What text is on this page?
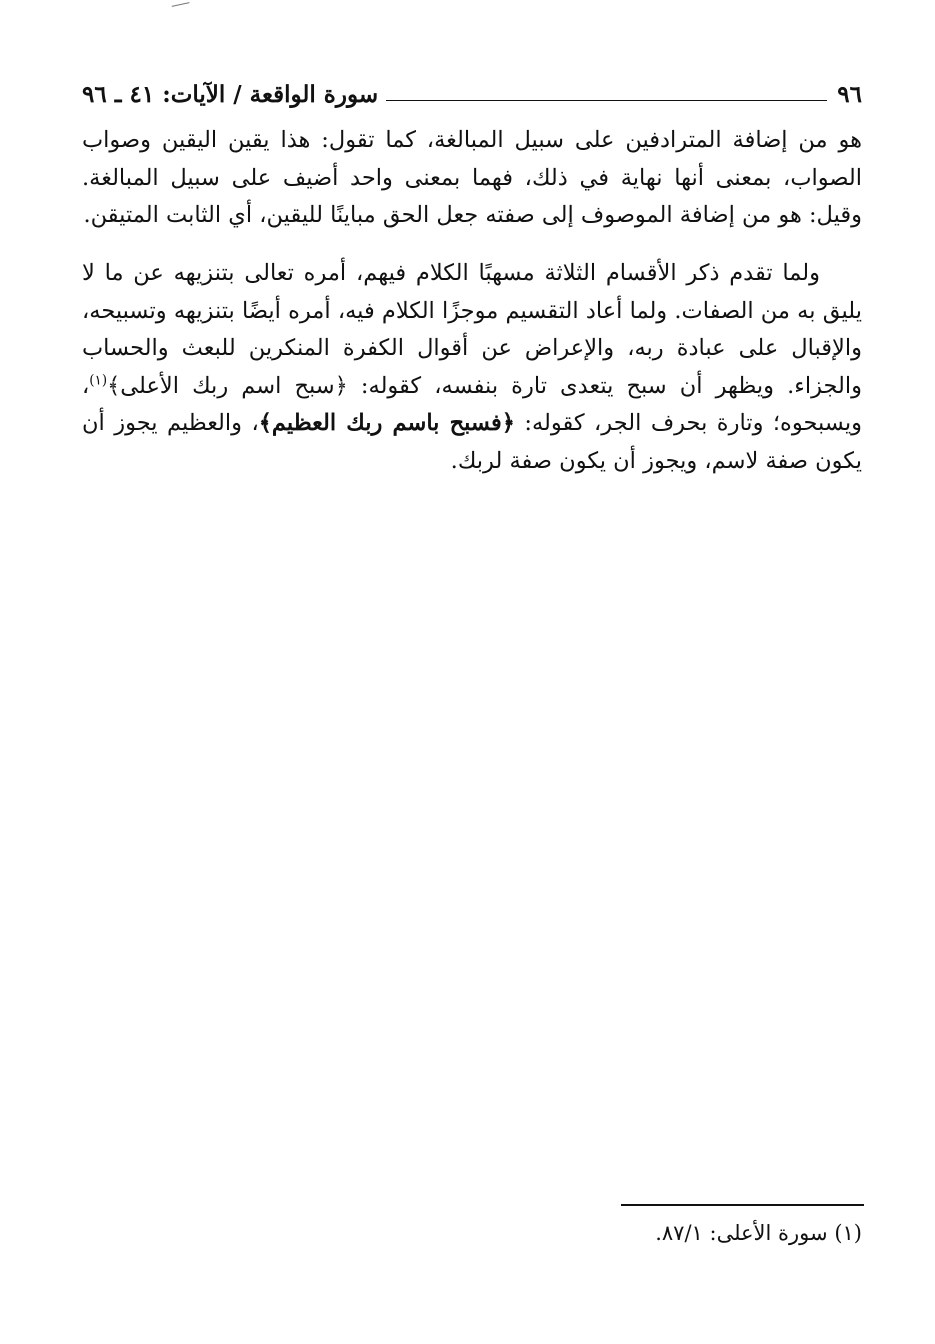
٩٦
سورة الواقعة / الآيات: ٤١ ـ ٩٦

هو من إضافة المترادفين على سبيل المبالغة، كما تقول: هذا يقين اليقين وصواب الصواب، بمعنى أنها نهاية في ذلك، فهما بمعنى واحد أضيف على سبيل المبالغة. وقيل: هو من إضافة الموصوف إلى صفته جعل الحق مباينًا لليقين، أي الثابت المتيقن.

ولما تقدم ذكر الأقسام الثلاثة مسهبًا الكلام فيهم، أمره تعالى بتنزيهه عن ما لا يليق به من الصفات. ولما أعاد التقسيم موجزًا الكلام فيه، أمره أيضًا بتنزيهه وتسبيحه، والإقبال على عبادة ربه، والإعراض عن أقوال الكفرة المنكرين للبعث والحساب والجزاء. ويظهر أن سبح يتعدى تارة بنفسه، كقوله: ﴿سبح اسم ربك الأعلى﴾$^{(١)}$، ويسبحوه؛ وتارة بحرف الجر، كقوله: ﴿فسبح باسم ربك العظيم﴾، والعظيم يجوز أن يكون صفة لاسم، ويجوز أن يكون صفة لربك.

(١) سورة الأعلى: ٨٧/١.
